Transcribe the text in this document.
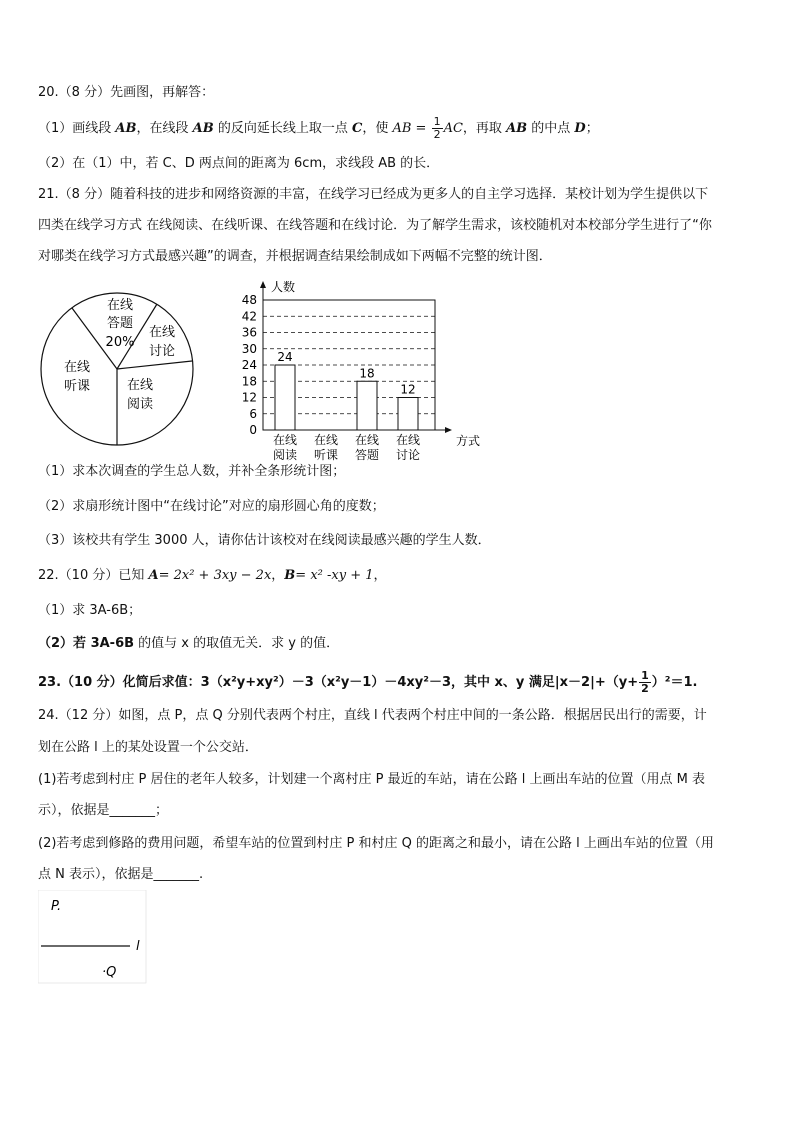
20.（8 分）先画图，再解答：
（1）画线段 AB，在线段 AB 的反向延长线上取一点 C，使 AB = $\frac{1}{2}$ AC，再取 AB 的中点 D；
（2）在（1）中，若 C、D 两点间的距离为 6cm，求线段 AB 的长．
21.（8 分）随着科技的进步和网络资源的丰富，在线学习已经成为更多人的自主学习选择．某校计划为学生提供以下
四类在线学习方式 在线阅读、在线听课、在线答题和在线讨论．为了解学生需求，该校随机对本校部分学生进行了“你
对哪类在线学习方式最感兴趣”的调查，并根据调查结果绘制成如下两幅不完整的统计图．
在线
答题
20%
在线
讨论
在线
听课	在线
阅读
0
6
12
18
24
30
36
42
48
人数
方式
24
在线
阅读
在线
听课
18
在线
答题
12
在线
讨论
（1）求本次调查的学生总人数，并补全条形统计图；
（2）求扇形统计图中“在线讨论”对应的扇形圆心角的度数；
（3）该校共有学生 3000 人，请你估计该校对在线阅读最感兴趣的学生人数．
22.（10 分）已知 A= 2x² + 3xy − 2x，B= x² -xy + 1，
（1）求 3A-6B；
（2）若 3A-6B 的值与 x 的取值无关．求 y 的值．
23.（10 分）化简后求值：3（x²y+xy²）－3（x²y－1）－4xy²－3，其中 x、y 满足$|x-2|+(y+ \frac{1}{2} )^2=1$.
24.（12 分）如图，点 P，点 Q 分别代表两个村庄，直线 l 代表两个村庄中间的一条公路．根据居民出行的需要，计
划在公路 l 上的某处设置一个公交站．
(1)若考虑到村庄 P 居住的老年人较多，计划建一个离村庄 P 最近的车站，请在公路 l 上画出车站的位置（用点 M 表
示），依据是_______；
(2)若考虑到修路的费用问题，希望车站的位置到村庄 P 和村庄 Q 的距离之和最小，请在公路 l 上画出车站的位置（用
点 N 表示），依据是_______.
P.
l
·Q
